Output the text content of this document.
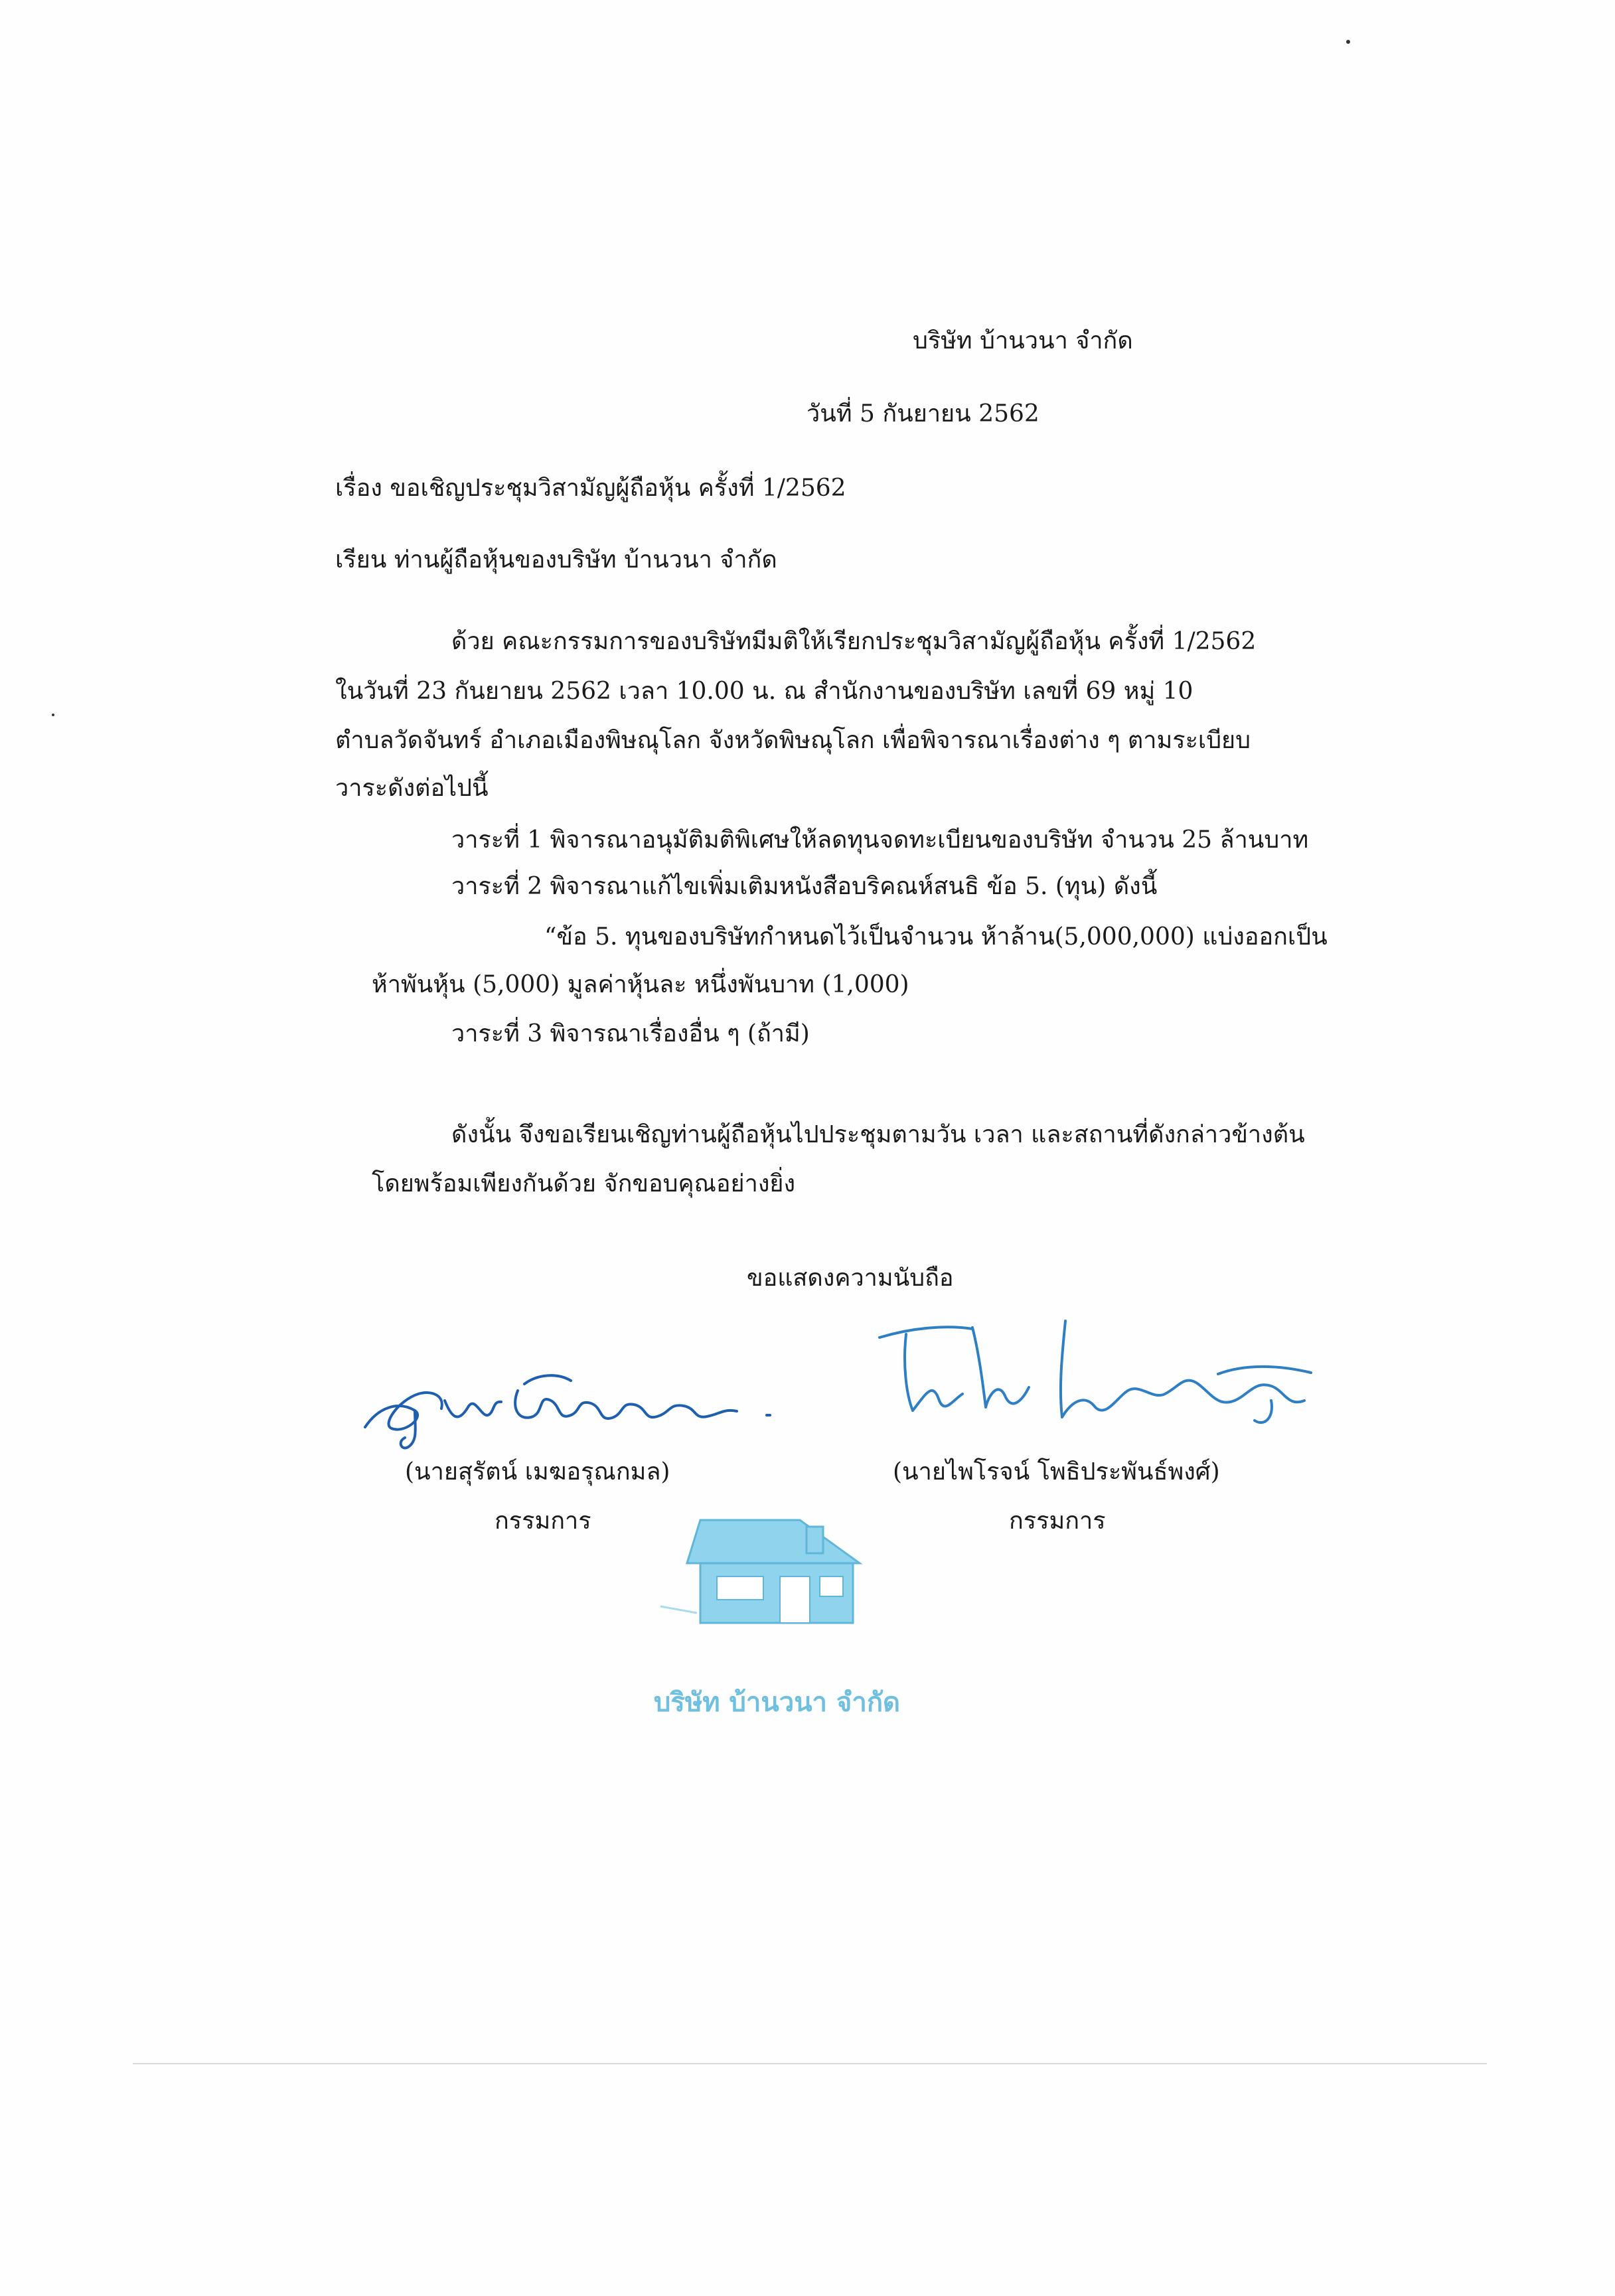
บริษัท บ้านวนา จำกัด
วันที่ 5 กันยายน 2562
เรื่อง ขอเชิญประชุมวิสามัญผู้ถือหุ้น ครั้งที่ 1/2562
เรียน ท่านผู้ถือหุ้นของบริษัท บ้านวนา จำกัด
ด้วย คณะกรรมการของบริษัทมีมติให้เรียกประชุมวิสามัญผู้ถือหุ้น ครั้งที่ 1/2562
ในวันที่ 23 กันยายน 2562 เวลา 10.00 น. ณ สำนักงานของบริษัท เลขที่ 69 หมู่ 10
ตำบลวัดจันทร์ อำเภอเมืองพิษณุโลก จังหวัดพิษณุโลก เพื่อพิจารณาเรื่องต่าง ๆ ตามระเบียบ
วาระดังต่อไปนี้
วาระที่ 1 พิจารณาอนุมัติมติพิเศษให้ลดทุนจดทะเบียนของบริษัท จำนวน 25 ล้านบาท
วาระที่ 2 พิจารณาแก้ไขเพิ่มเติมหนังสือบริคณห์สนธิ ข้อ 5. (ทุน) ดังนี้
“ข้อ 5. ทุนของบริษัทกำหนดไว้เป็นจำนวน ห้าล้าน(5,000,000) แบ่งออกเป็น
ห้าพันหุ้น (5,000) มูลค่าหุ้นละ หนึ่งพันบาท (1,000)
วาระที่ 3 พิจารณาเรื่องอื่น ๆ (ถ้ามี)
ดังนั้น จึงขอเรียนเชิญท่านผู้ถือหุ้นไปประชุมตามวัน เวลา และสถานที่ดังกล่าวข้างต้น
โดยพร้อมเพียงกันด้วย จักขอบคุณอย่างยิ่ง
ขอแสดงความนับถือ
(นายสุรัตน์ เมฆอรุณกมล)
กรรมการ
(นายไพโรจน์ โพธิประพันธ์พงศ์)
กรรมการ
บริษัท บ้านวนา จำกัด
